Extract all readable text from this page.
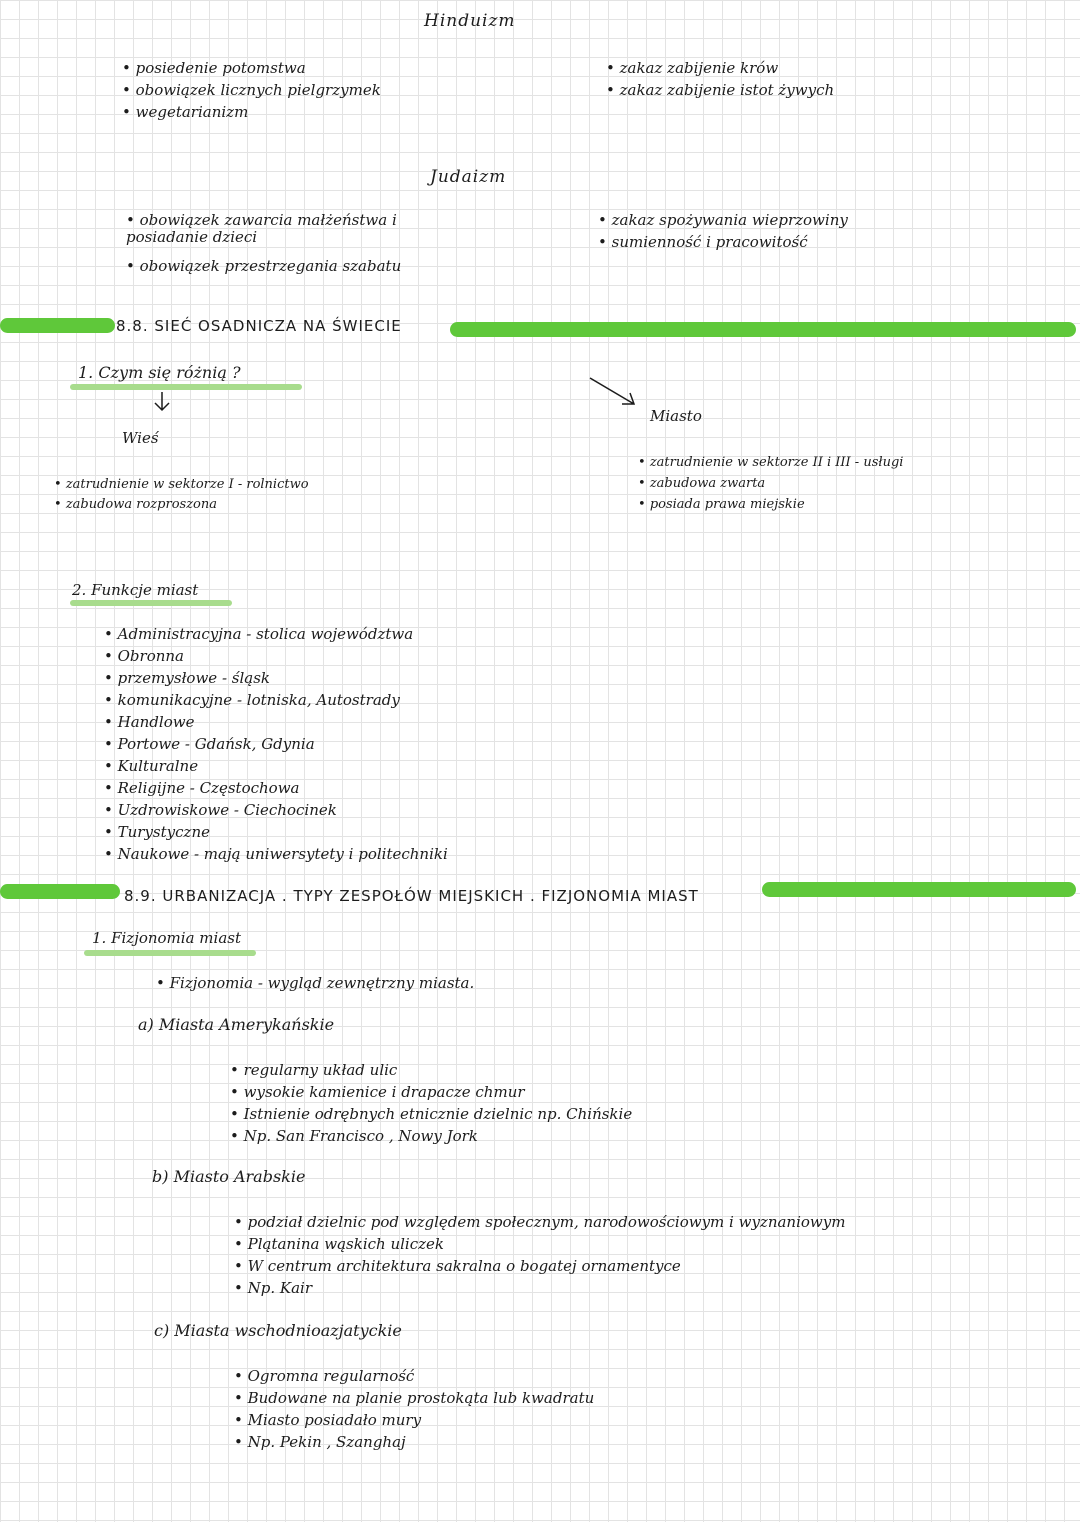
Hinduizm
• posiedenie potomstwa
• obowiązek licznych pielgrzymek
• wegetarianizm
• zakaz zabijenie krów
• zakaz zabijenie istot żywych
Judaizm
• obowiązek zawarcia małżeństwa i posiadanie dzieci
• obowiązek przestrzegania szabatu
• zakaz spożywania wieprzowiny
• sumienność i pracowitość
8.8. SIEĆ OSADNICZA NA ŚWIECIE
1. Czym się różnią ?
Wieś
• zatrudnienie w sektorze I - rolnictwo
• zabudowa rozproszona
Miasto
• zatrudnienie w sektorze II i III - usługi
• zabudowa zwarta
• posiada prawa miejskie
2. Funkcje miast
• Administracyjna - stolica województwa
• Obronna
• przemysłowe - śląsk
• komunikacyjne - lotniska, Autostrady
• Handlowe
• Portowe - Gdańsk, Gdynia
• Kulturalne
• Religijne - Częstochowa
• Uzdrowiskowe - Ciechocinek
• Turystyczne
• Naukowe - mają uniwersytety i politechniki
8.9. URBANIZACJA . TYPY ZESPOŁÓW MIEJSKICH . FIZJONOMIA MIAST
1. Fizjonomia miast
• Fizjonomia - wygląd zewnętrzny miasta.
a) Miasta Amerykańskie
• regularny układ ulic
• wysokie kamienice i drapacze chmur
• Istnienie odrębnych etnicznie dzielnic np. Chińskie
• Np. San Francisco , Nowy Jork
b) Miasto Arabskie
• podział dzielnic pod względem społecznym, narodowościowym i wyznaniowym
• Plątanina wąskich uliczek
• W centrum architektura sakralna o bogatej ornamentyce
• Np. Kair
c) Miasta wschodnioazjatyckie
• Ogromna regularność
• Budowane na planie prostokąta lub kwadratu
• Miasto posiadało mury
• Np. Pekin , Szanghaj
